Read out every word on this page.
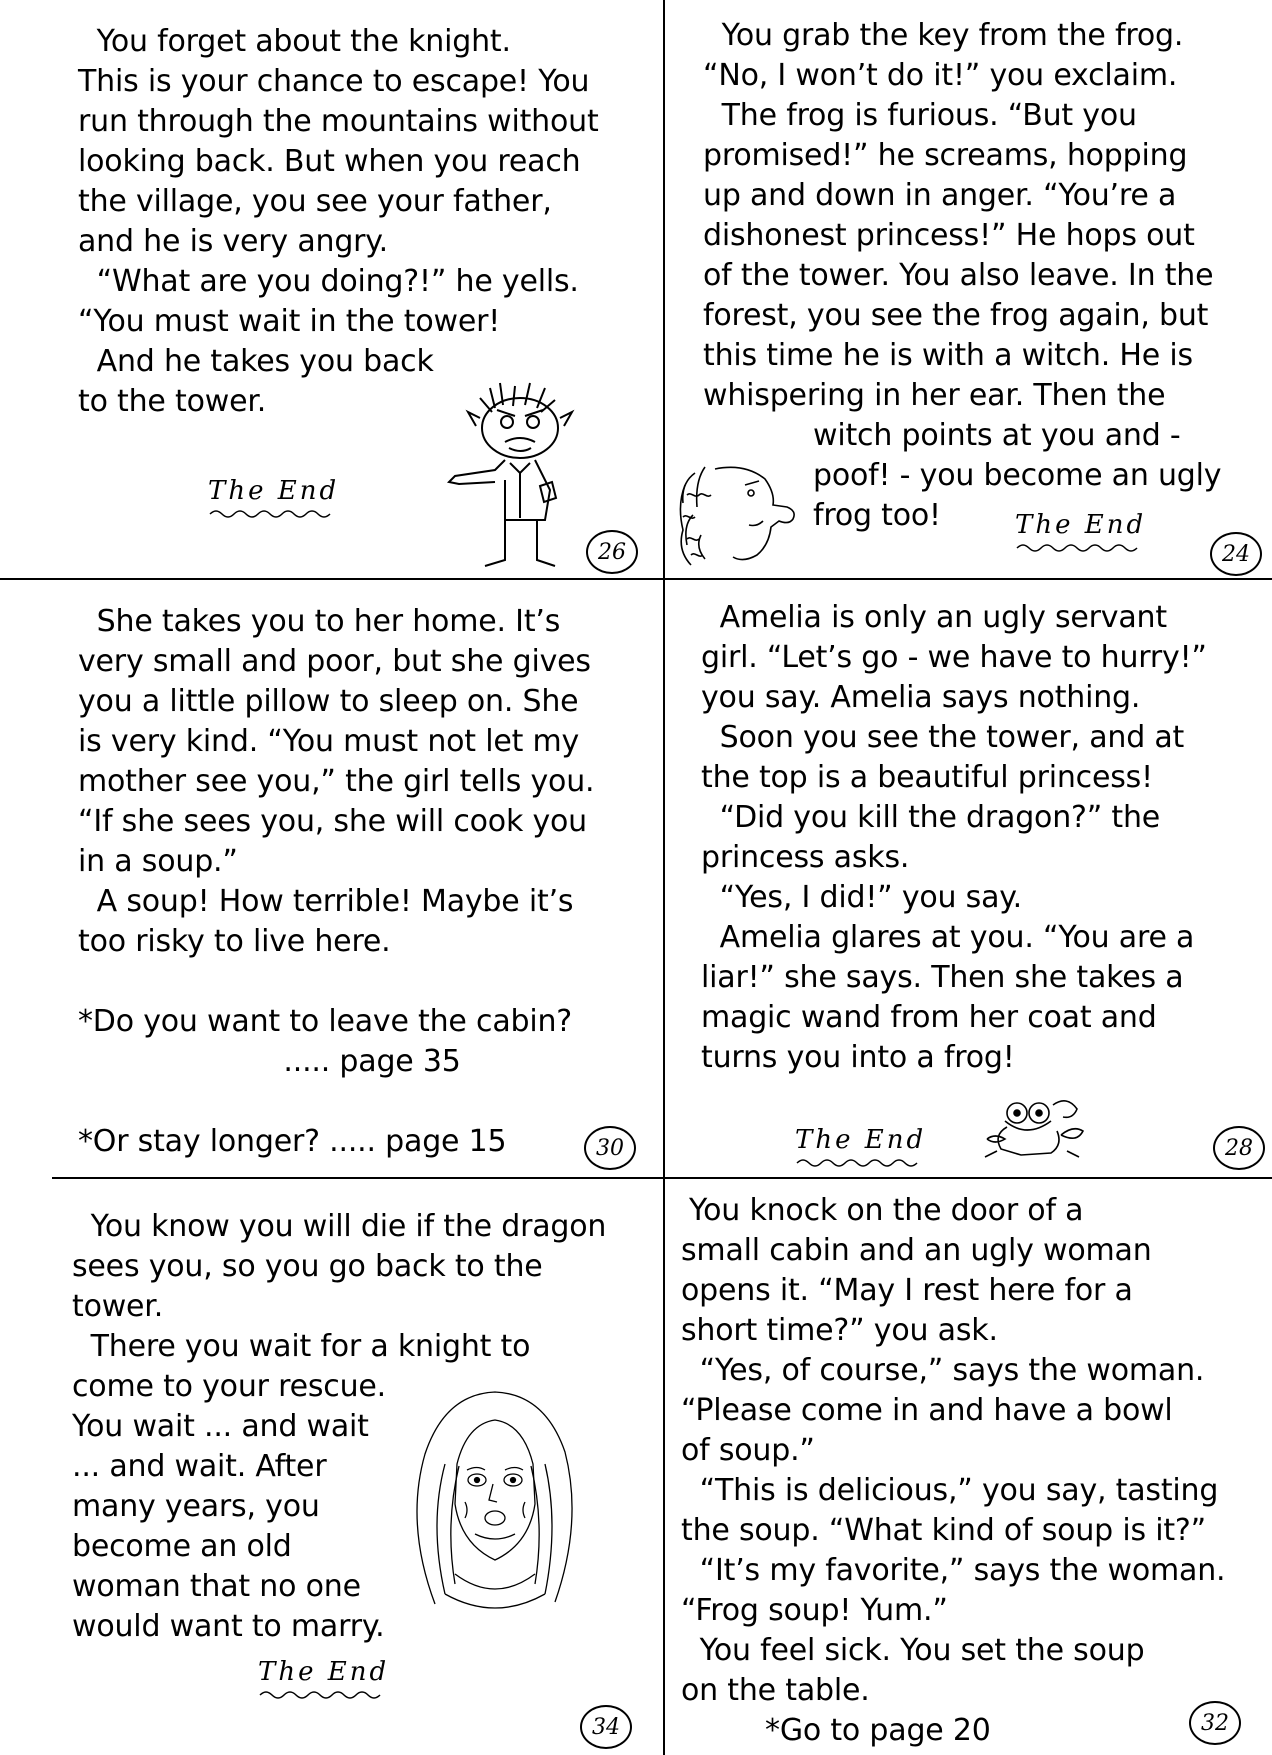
You forget about the knight.
This is your chance to escape! You
run through the mountains without
looking back. But when you reach
the village, you see your father,
and he is very angry.
“What are you doing?!” he yells.
“You must wait in the tower!
And he takes you back
to the tower.
The End
26
You grab the key from the frog.
“No, I won’t do it!” you exclaim.
The frog is furious. “But you
promised!” he screams, hopping
up and down in anger. “You’re a
dishonest princess!” He hops out
of the tower. You also leave. In the
forest, you see the frog again, but
this time he is with a witch. He is
whispering in her ear. Then the
witch points at you and -
poof! - you become an ugly
frog too!	The End
24
She takes you to her home. It’s
very small and poor, but she gives
you a little pillow to sleep on. She
is very kind. “You must not let my
mother see you,” the girl tells you.
“If she sees you, she will cook you
in a soup.”
A soup! How terrible! Maybe it’s
too risky to live here.
*Do you want to leave the cabin?
..... page 35
*Or stay longer? ..... page 15	30
Amelia is only an ugly servant
girl. “Let’s go - we have to hurry!”
you say. Amelia says nothing.
Soon you see the tower, and at
the top is a beautiful princess!
“Did you kill the dragon?” the
princess asks.
“Yes, I did!” you say.
Amelia glares at you. “You are a
liar!” she says. Then she takes a
magic wand from her coat and
turns you into a frog!
The End	28
You know you will die if the dragon
sees you, so you go back to the
tower.
There you wait for a knight to
come to your rescue.
You wait ... and wait
... and wait. After
many years, you
become an old
woman that no one
would want to marry.
The End
34
You knock on the door of a
small cabin and an ugly woman
opens it. “May I rest here for a
short time?” you ask.
“Yes, of course,” says the woman.
“Please come in and have a bowl
of soup.”
“This is delicious,” you say, tasting
the soup. “What kind of soup is it?”
“It’s my favorite,” says the woman.
“Frog soup! Yum.”
You feel sick. You set the soup
on the table.
*Go to page 20	32
